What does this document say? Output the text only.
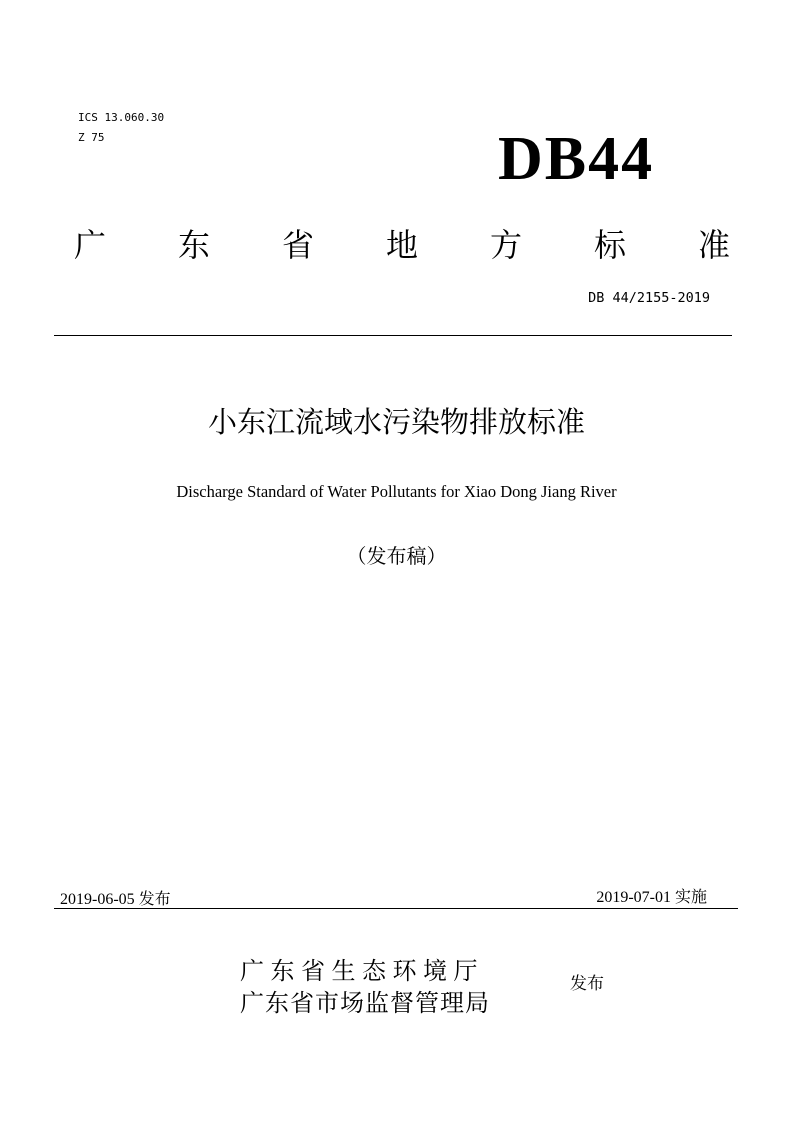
ICS 13.060.30
Z 75	DB44
广 东 省 地 方 标 准
DB 44/2155-2019
小东江流域水污染物排放标准
Discharge Standard of Water Pollutants for Xiao Dong Jiang River
（发布稿）
2019-06-05 发布	2019-07-01 实施
广东省生态环境厅
广东省市场监督管理局
发布
